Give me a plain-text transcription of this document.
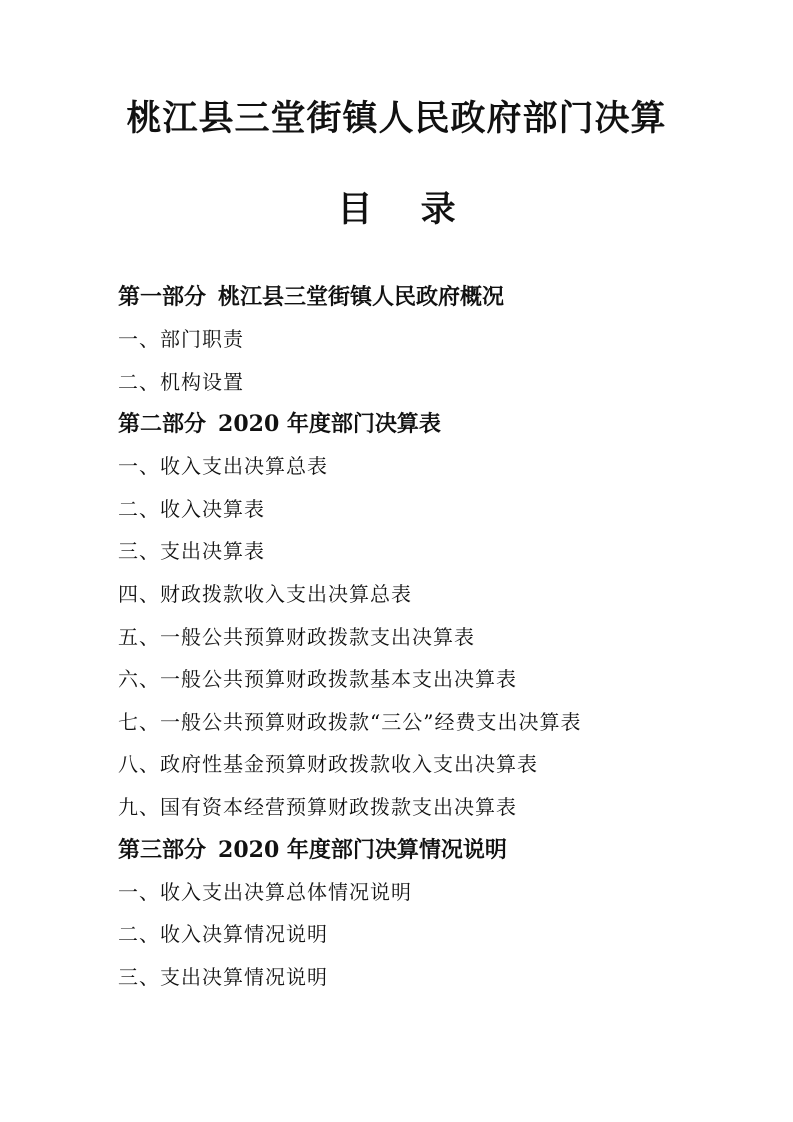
桃江县三堂街镇人民政府部门决算
目 录
第一部分 桃江县三堂街镇人民政府概况
一、部门职责
二、机构设置
第二部分 2020 年度部门决算表
一、收入支出决算总表
二、收入决算表
三、支出决算表
四、财政拨款收入支出决算总表
五、一般公共预算财政拨款支出决算表
六、一般公共预算财政拨款基本支出决算表
七、一般公共预算财政拨款“三公”经费支出决算表
八、政府性基金预算财政拨款收入支出决算表
九、国有资本经营预算财政拨款支出决算表
第三部分 2020 年度部门决算情况说明
一、收入支出决算总体情况说明
二、收入决算情况说明
三、支出决算情况说明
